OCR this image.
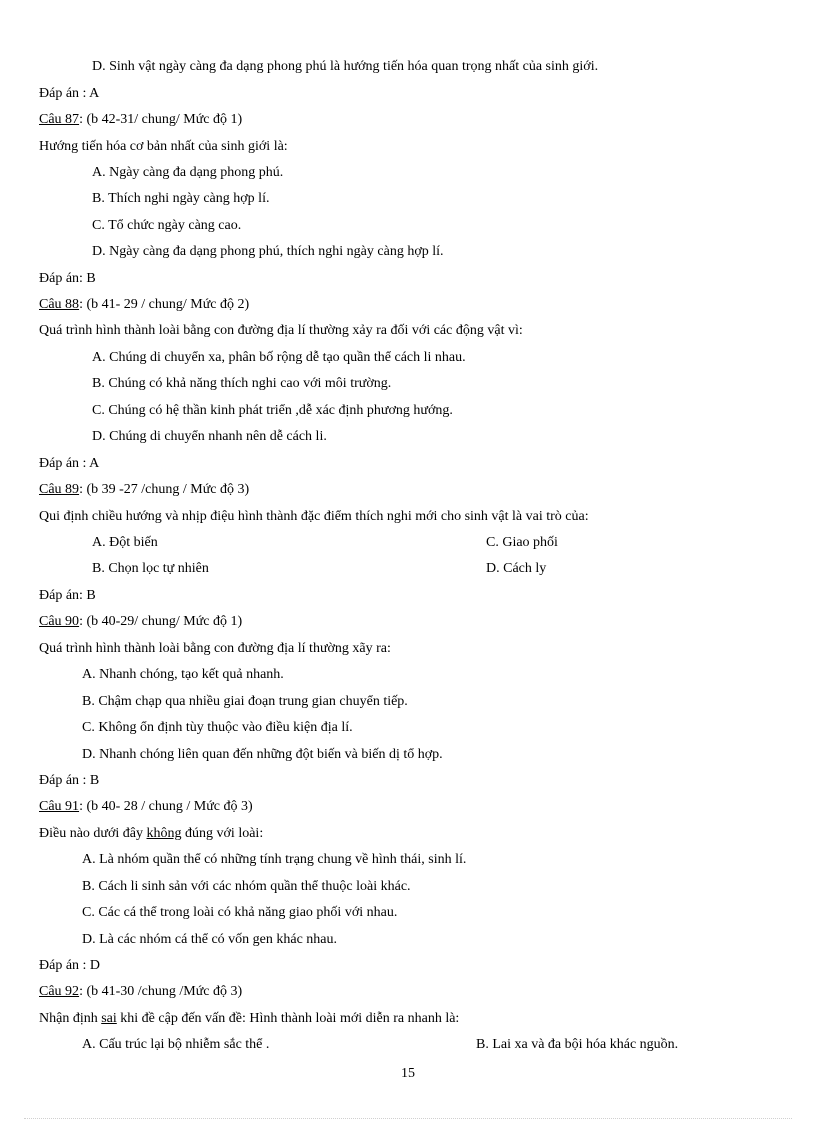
D. Sinh vật ngày càng đa dạng phong phú là hướng tiến hóa quan trọng nhất của sinh giới.
Đáp án : A
Câu 87: (b 42-31/ chung/ Mức độ 1)
Hướng tiến hóa cơ bản nhất của sinh giới là:
A. Ngày càng đa dạng phong phú.
B. Thích nghi ngày càng hợp lí.
C. Tổ chức ngày càng cao.
D. Ngày càng đa dạng phong phú, thích nghi ngày càng hợp lí.
Đáp án: B
Câu 88: (b 41- 29 / chung/ Mức độ 2)
Quá trình hình thành loài bằng con đường địa lí thường xảy ra đối với các động vật vì:
A. Chúng di chuyển xa, phân bố rộng dễ tạo quần thể cách li nhau.
B. Chúng có khả năng thích nghi cao với môi trường.
C. Chúng có hệ thần kinh phát triển ,dễ xác định phương hướng.
D. Chúng di chuyển nhanh nên dễ cách li.
Đáp án : A
Câu 89: (b 39 -27 /chung / Mức độ 3)
Qui định chiều hướng và nhịp điệu hình thành đặc điểm thích nghi mới cho sinh vật là vai trò của:
A. Đột biến	C. Giao phối
B. Chọn lọc tự nhiên	D. Cách ly
Đáp án: B
Câu 90: (b 40-29/ chung/ Mức độ 1)
Quá trình hình thành loài bằng con đường địa lí thường xãy ra:
A. Nhanh chóng, tạo kết quả nhanh.
B. Chậm chạp qua nhiều giai đoạn trung gian chuyển tiếp.
C. Không ổn định tùy thuộc vào điều kiện địa lí.
D. Nhanh chóng liên quan đến những đột biến và biến dị tổ hợp.
Đáp án : B
Câu 91: (b 40- 28 / chung / Mức độ 3)
Điều nào dưới đây không đúng với loài:
A. Là nhóm quần thể có những tính trạng chung về hình thái, sinh lí.
B. Cách li sinh sản với các nhóm quần thể thuộc loài khác.
C. Các cá thể trong loài có khả năng giao phối với nhau.
D. Là các nhóm cá thể có vốn gen khác nhau.
Đáp án : D
Câu 92: (b 41-30 /chung /Mức độ 3)
Nhận định sai khi đề cập đến vấn đề: Hình thành loài mới diễn ra nhanh là:
A. Cấu trúc lại bộ nhiễm sắc thể .	B. Lai xa và đa bội hóa khác nguồn.
15
